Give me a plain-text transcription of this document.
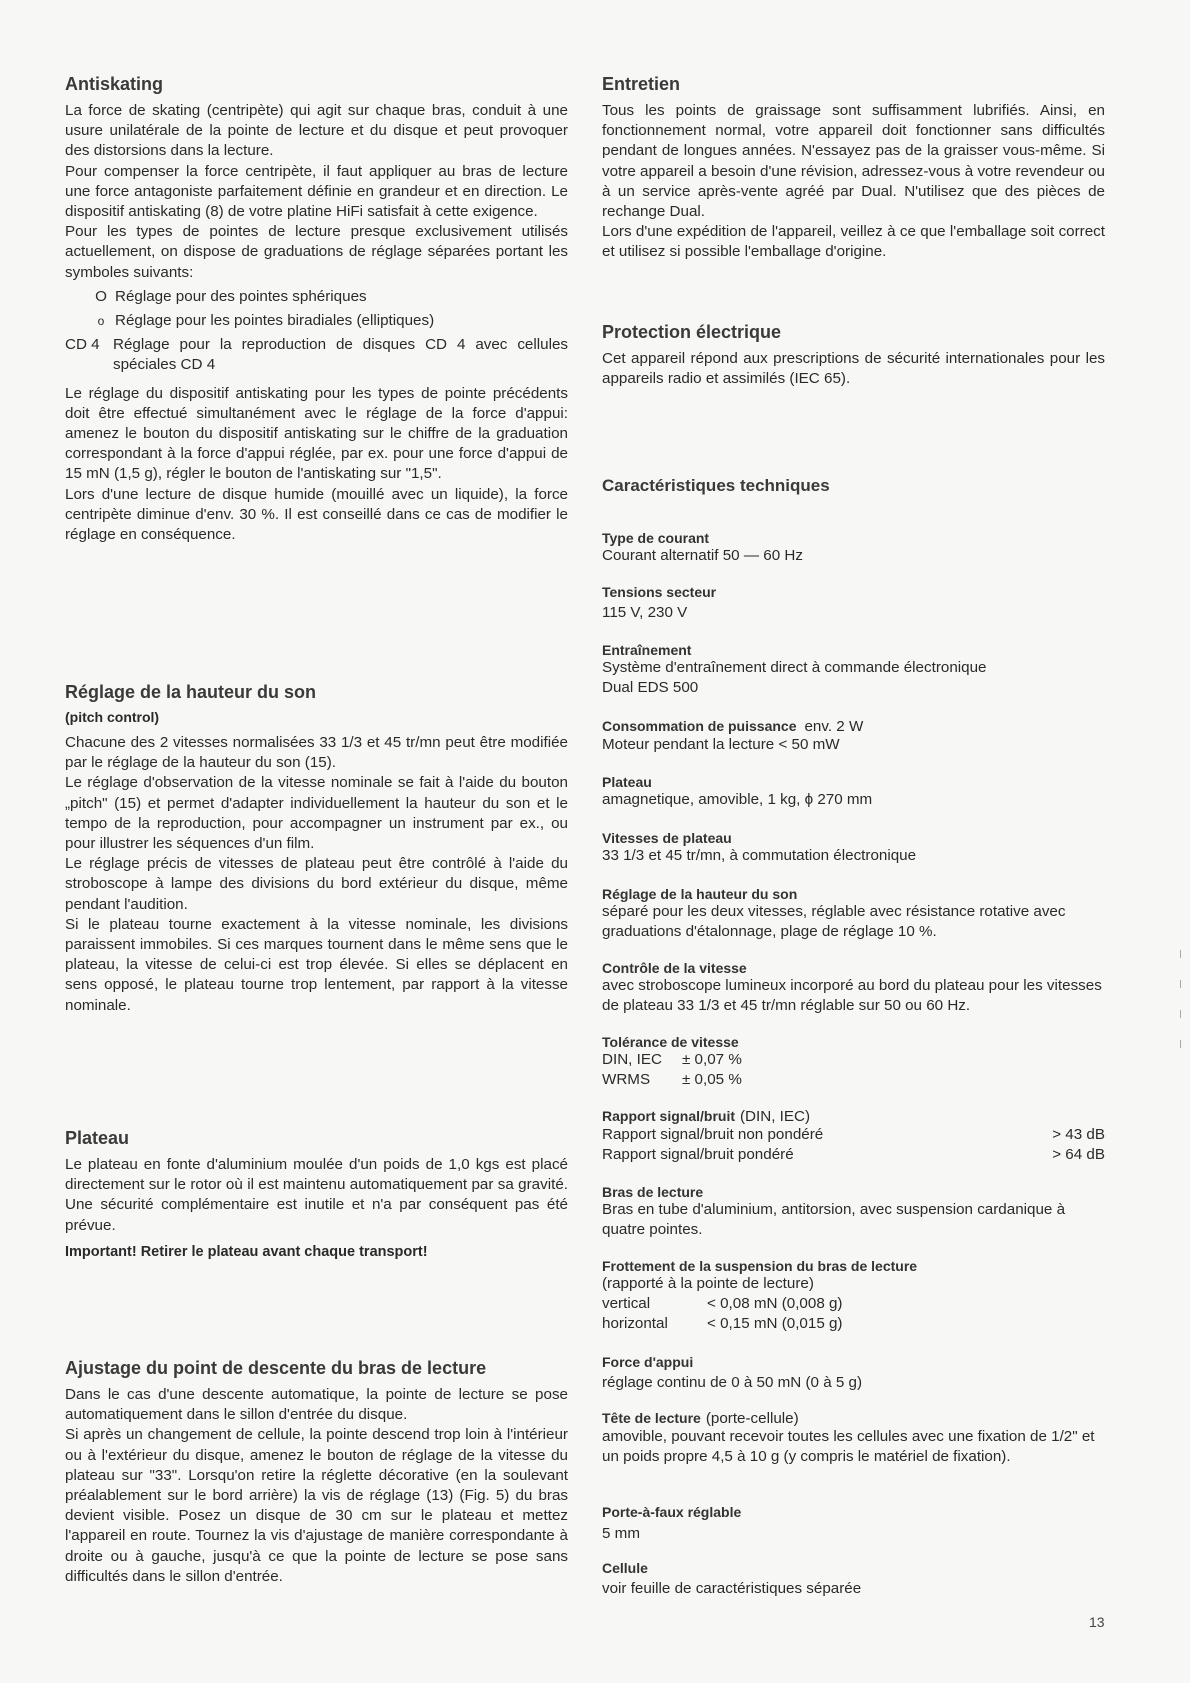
Antiskating

La force de skating (centripète) qui agit sur chaque bras, conduit à une usure unilatérale de la pointe de lecture et du disque et peut provoquer des distorsions dans la lecture.

Pour compenser la force centripète, il faut appliquer au bras de lecture une force antagoniste parfaitement définie en grandeur et en direction. Le dispositif antiskating (8) de votre platine HiFi satisfait à cette exigence.

Pour les types de pointes de lecture presque exclusivement utilisés actuellement, on dispose de graduations de réglage séparées portant les symboles suivants:

O Réglage pour des pointes sphériques
o Réglage pour les pointes biradiales (elliptiques)
CD 4 Réglage pour la reproduction de disques CD 4 avec cellules spéciales CD 4

Le réglage du dispositif antiskating pour les types de pointe précédents doit être effectué simultanément avec le réglage de la force d'appui: amenez le bouton du dispositif antiskating sur le chiffre de la graduation correspondant à la force d'appui réglée, par ex. pour une force d'appui de 15 mN (1,5 g), régler le bouton de l'antiskating sur "1,5".

Lors d'une lecture de disque humide (mouillé avec un liquide), la force centripète diminue d'env. 30 %. Il est conseillé dans ce cas de modifier le réglage en conséquence.

Réglage de la hauteur du son
(pitch control)

Chacune des 2 vitesses normalisées 33 1/3 et 45 tr/mn peut être modifiée par le réglage de la hauteur du son (15).

Le réglage d'observation de la vitesse nominale se fait à l'aide du bouton „pitch" (15) et permet d'adapter individuellement la hauteur du son et le tempo de la reproduction, pour accompagner un instrument par ex., ou pour illustrer les séquences d'un film.

Le réglage précis de vitesses de plateau peut être contrôlé à l'aide du stroboscope à lampe des divisions du bord extérieur du disque, même pendant l'audition.

Si le plateau tourne exactement à la vitesse nominale, les divisions paraissent immobiles. Si ces marques tournent dans le même sens que le plateau, la vitesse de celui-ci est trop élevée. Si elles se déplacent en sens opposé, le plateau tourne trop lentement, par rapport à la vitesse nominale.

Plateau

Le plateau en fonte d'aluminium moulée d'un poids de 1,0 kgs est placé directement sur le rotor où il est maintenu automatiquement par sa gravité. Une sécurité complémentaire est inutile et n'a par conséquent pas été prévue.

Important! Retirer le plateau avant chaque transport!
Ajustage du point de descente du bras de lecture

Dans le cas d'une descente automatique, la pointe de lecture se pose automatiquement dans le sillon d'entrée du disque.

Si après un changement de cellule, la pointe descend trop loin à l'intérieur ou à l'extérieur du disque, amenez le bouton de réglage de la vitesse du plateau sur "33". Lorsqu'on retire la réglette décorative (en la soulevant préalablement sur le bord arrière) la vis de réglage (13) (Fig. 5) du bras devient visible. Posez un disque de 30 cm sur le plateau et mettez l'appareil en route. Tournez la vis d'ajustage de manière correspondante à droite ou à gauche, jusqu'à ce que la pointe de lecture se pose sans difficultés dans le sillon d'entrée.

Entretien

Tous les points de graissage sont suffisamment lubrifiés. Ainsi, en fonctionnement normal, votre appareil doit fonctionner sans difficultés pendant de longues années. N'essayez pas de la graisser vous-même. Si votre appareil a besoin d'une révision, adressez-vous à votre revendeur ou à un service après-vente agréé par Dual. N'utilisez que des pièces de rechange Dual.

Lors d'une expédition de l'appareil, veillez à ce que l'emballage soit correct et utilisez si possible l'emballage d'origine.

Protection électrique

Cet appareil répond aux prescriptions de sécurité internationales pour les appareils radio et assimilés (IEC 65).

Caractéristiques techniques
Type de courant

Courant alternatif 50 — 60 Hz

Tensions secteur

115 V, 230 V

Entraînement

Système d'entraînement direct à commande électronique

Dual EDS 500

Consommation de puissance env. 2 W

Moteur pendant la lecture < 50 mW

Plateau

amagnetique, amovible, 1 kg, ϕ 270 mm

Vitesses de plateau

33 1/3 et 45 tr/mn, à commutation électronique

Réglage de la hauteur du son

séparé pour les deux vitesses, réglable avec résistance rotative avec graduations d'étalonnage, plage de réglage 10 %.

Contrôle de la vitesse

avec stroboscope lumineux incorporé au bord du plateau pour les vitesses de plateau 33 1/3 et 45 tr/mn réglable sur 50 ou 60 Hz.

Tolérance de vitesse
DIN, IEC	± 0,07 %
WRMS	± 0,05 %
Rapport signal/bruit (DIN, IEC)
Rapport signal/bruit non pondéré	> 43 dB
Rapport signal/bruit pondéré	> 64 dB
Bras de lecture

Bras en tube d'aluminium, antitorsion, avec suspension cardanique à quatre pointes.

Frottement de la suspension du bras de lecture

(rapporté à la pointe de lecture)

vertical	< 0,08 mN (0,008 g)
horizontal	< 0,15 mN (0,015 g)
Force d'appui

réglage continu de 0 à 50 mN (0 à 5 g)

Tête de lecture (porte-cellule)

amovible, pouvant recevoir toutes les cellules avec une fixation de 1/2" et un poids propre 4,5 à 10 g (y compris le matériel de fixation).

Porte-à-faux réglable

5 mm

Cellule

voir feuille de caractéristiques séparée

13
